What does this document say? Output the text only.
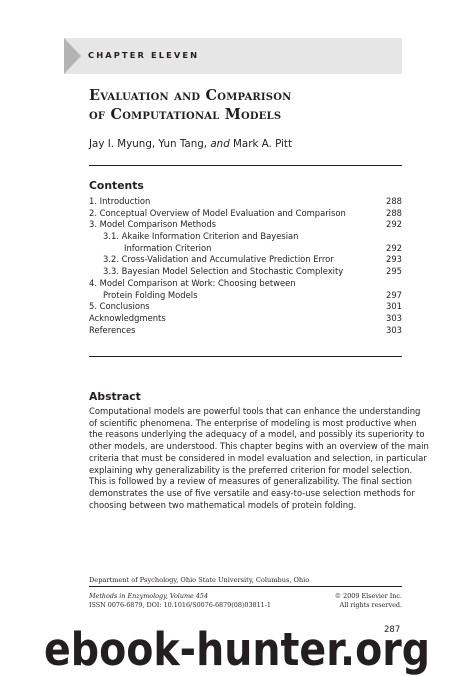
CHAPTER ELEVEN
Evaluation and Comparison
of Computational Models
Jay I. Myung, Yun Tang, and Mark A. Pitt
Contents
1. Introduction	288
2. Conceptual Overview of Model Evaluation and Comparison	288
3. Model Comparison Methods	292
3.1. Akaike Information Criterion and Bayesian
Information Criterion	292
3.2. Cross-Validation and Accumulative Prediction Error	293
3.3. Bayesian Model Selection and Stochastic Complexity	295
4. Model Comparison at Work: Choosing between
Protein Folding Models	297
5. Conclusions	301
Acknowledgments	303
References	303
Abstract
Computational models are powerful tools that can enhance the understanding
of scientific phenomena. The enterprise of modeling is most productive when
the reasons underlying the adequacy of a model, and possibly its superiority to
other models, are understood. This chapter begins with an overview of the main
criteria that must be considered in model evaluation and selection, in particular
explaining why generalizability is the preferred criterion for model selection.
This is followed by a review of measures of generalizability. The final section
demonstrates the use of five versatile and easy-to-use selection methods for
choosing between two mathematical models of protein folding.
Department of Psychology, Ohio State University, Columbus, Ohio
Methods in Enzymology, Volume 454	© 2009 Elsevier Inc.
ISSN 0076-6879, DOI: 10.1016/S0076-6879(08)03811-1	All rights reserved.
287
ebook-hunter.org
